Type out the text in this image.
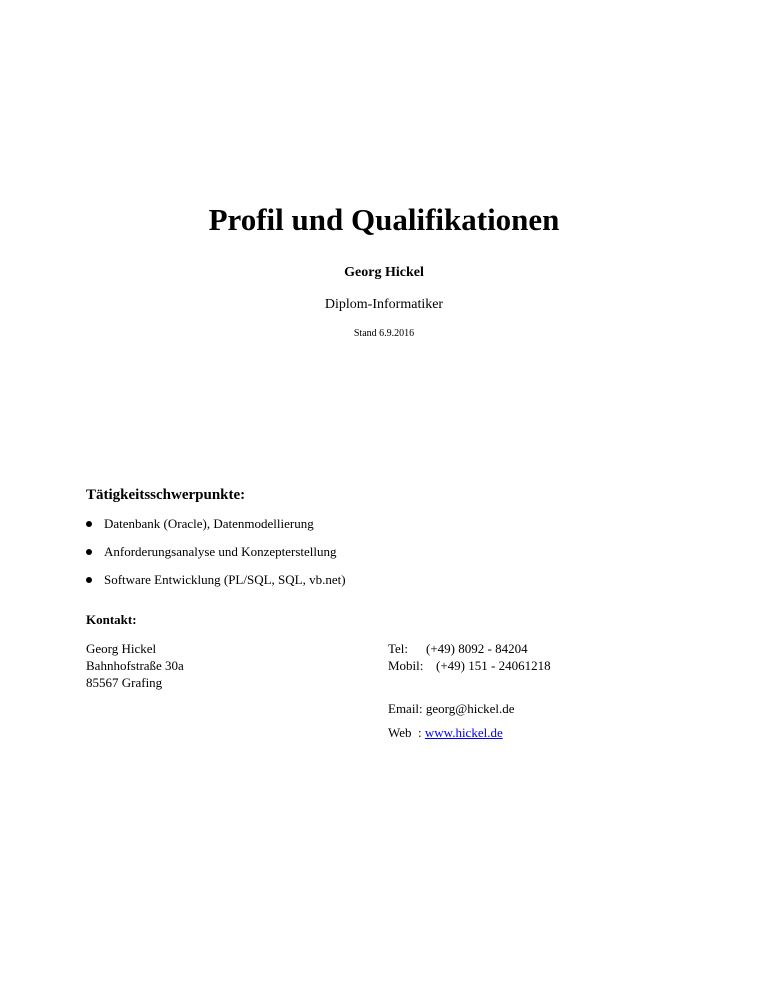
Profil und Qualifikationen
Georg Hickel
Diplom-Informatiker
Stand 6.9.2016
Tätigkeitsschwerpunkte:
Datenbank (Oracle), Datenmodellierung
Anforderungsanalyse und Konzepterstellung
Software Entwicklung (PL/SQL, SQL, vb.net)
Kontakt:
Georg Hickel
Bahnhofstraße 30a
85567 Grafing
Tel: (+49) 8092 - 84204
Mobil: (+49) 151 - 24061218
Email: georg@hickel.de
Web  : www.hickel.de
